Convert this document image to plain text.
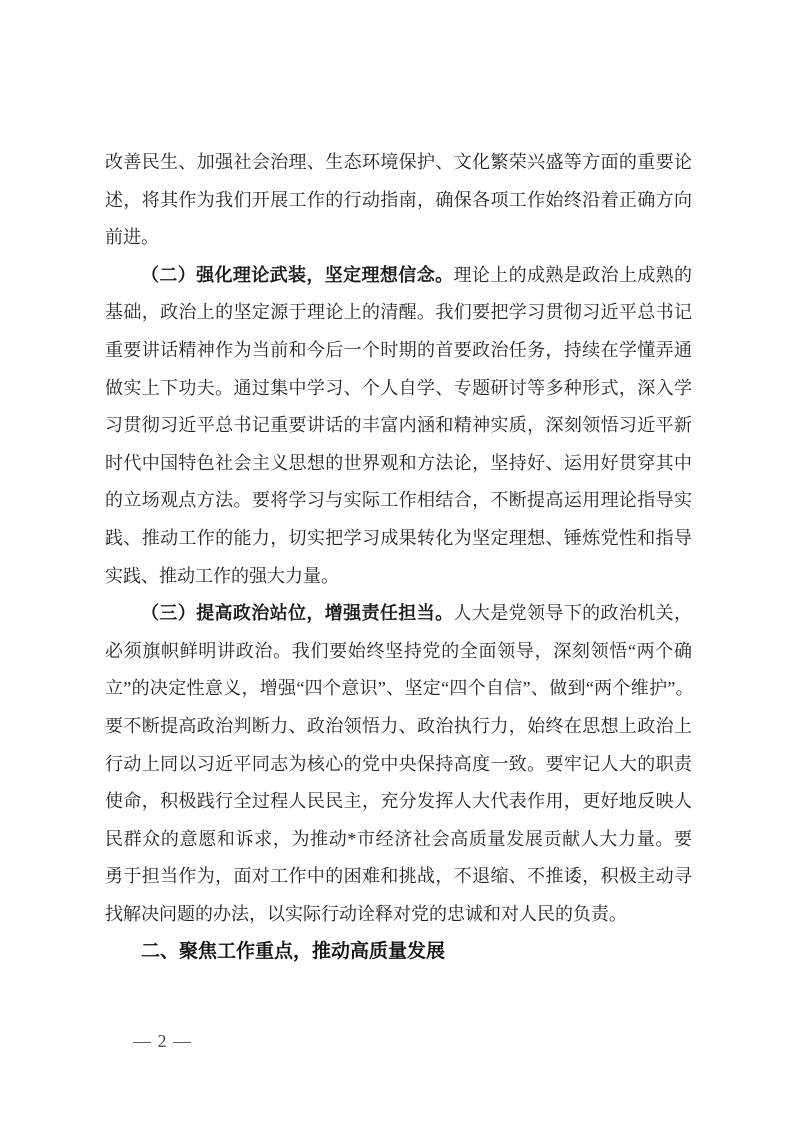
改善民生、加强社会治理、生态环境保护、文化繁荣兴盛等方面的重要论
述，将其作为我们开展工作的行动指南，确保各项工作始终沿着正确方向
前进。
（二）强化理论武装，坚定理想信念。理论上的成熟是政治上成熟的
基础，政治上的坚定源于理论上的清醒。我们要把学习贯彻习近平总书记
重要讲话精神作为当前和今后一个时期的首要政治任务，持续在学懂弄通
做实上下功夫。通过集中学习、个人自学、专题研讨等多种形式，深入学
习贯彻习近平总书记重要讲话的丰富内涵和精神实质，深刻领悟习近平新
时代中国特色社会主义思想的世界观和方法论，坚持好、运用好贯穿其中
的立场观点方法。要将学习与实际工作相结合，不断提高运用理论指导实
践、推动工作的能力，切实把学习成果转化为坚定理想、锤炼党性和指导
实践、推动工作的强大力量。
（三）提高政治站位，增强责任担当。人大是党领导下的政治机关，
必须旗帜鲜明讲政治。我们要始终坚持党的全面领导，深刻领悟“两个确
立”的决定性意义，增强“四个意识”、坚定“四个自信”、做到“两个维护”。
要不断提高政治判断力、政治领悟力、政治执行力，始终在思想上政治上
行动上同以习近平同志为核心的党中央保持高度一致。要牢记人大的职责
使命，积极践行全过程人民民主，充分发挥人大代表作用，更好地反映人
民群众的意愿和诉求，为推动*市经济社会高质量发展贡献人大力量。要
勇于担当作为，面对工作中的困难和挑战，不退缩、不推诿，积极主动寻
找解决问题的办法，以实际行动诠释对党的忠诚和对人民的负责。
二、聚焦工作重点，推动高质量发展
— 2 —
